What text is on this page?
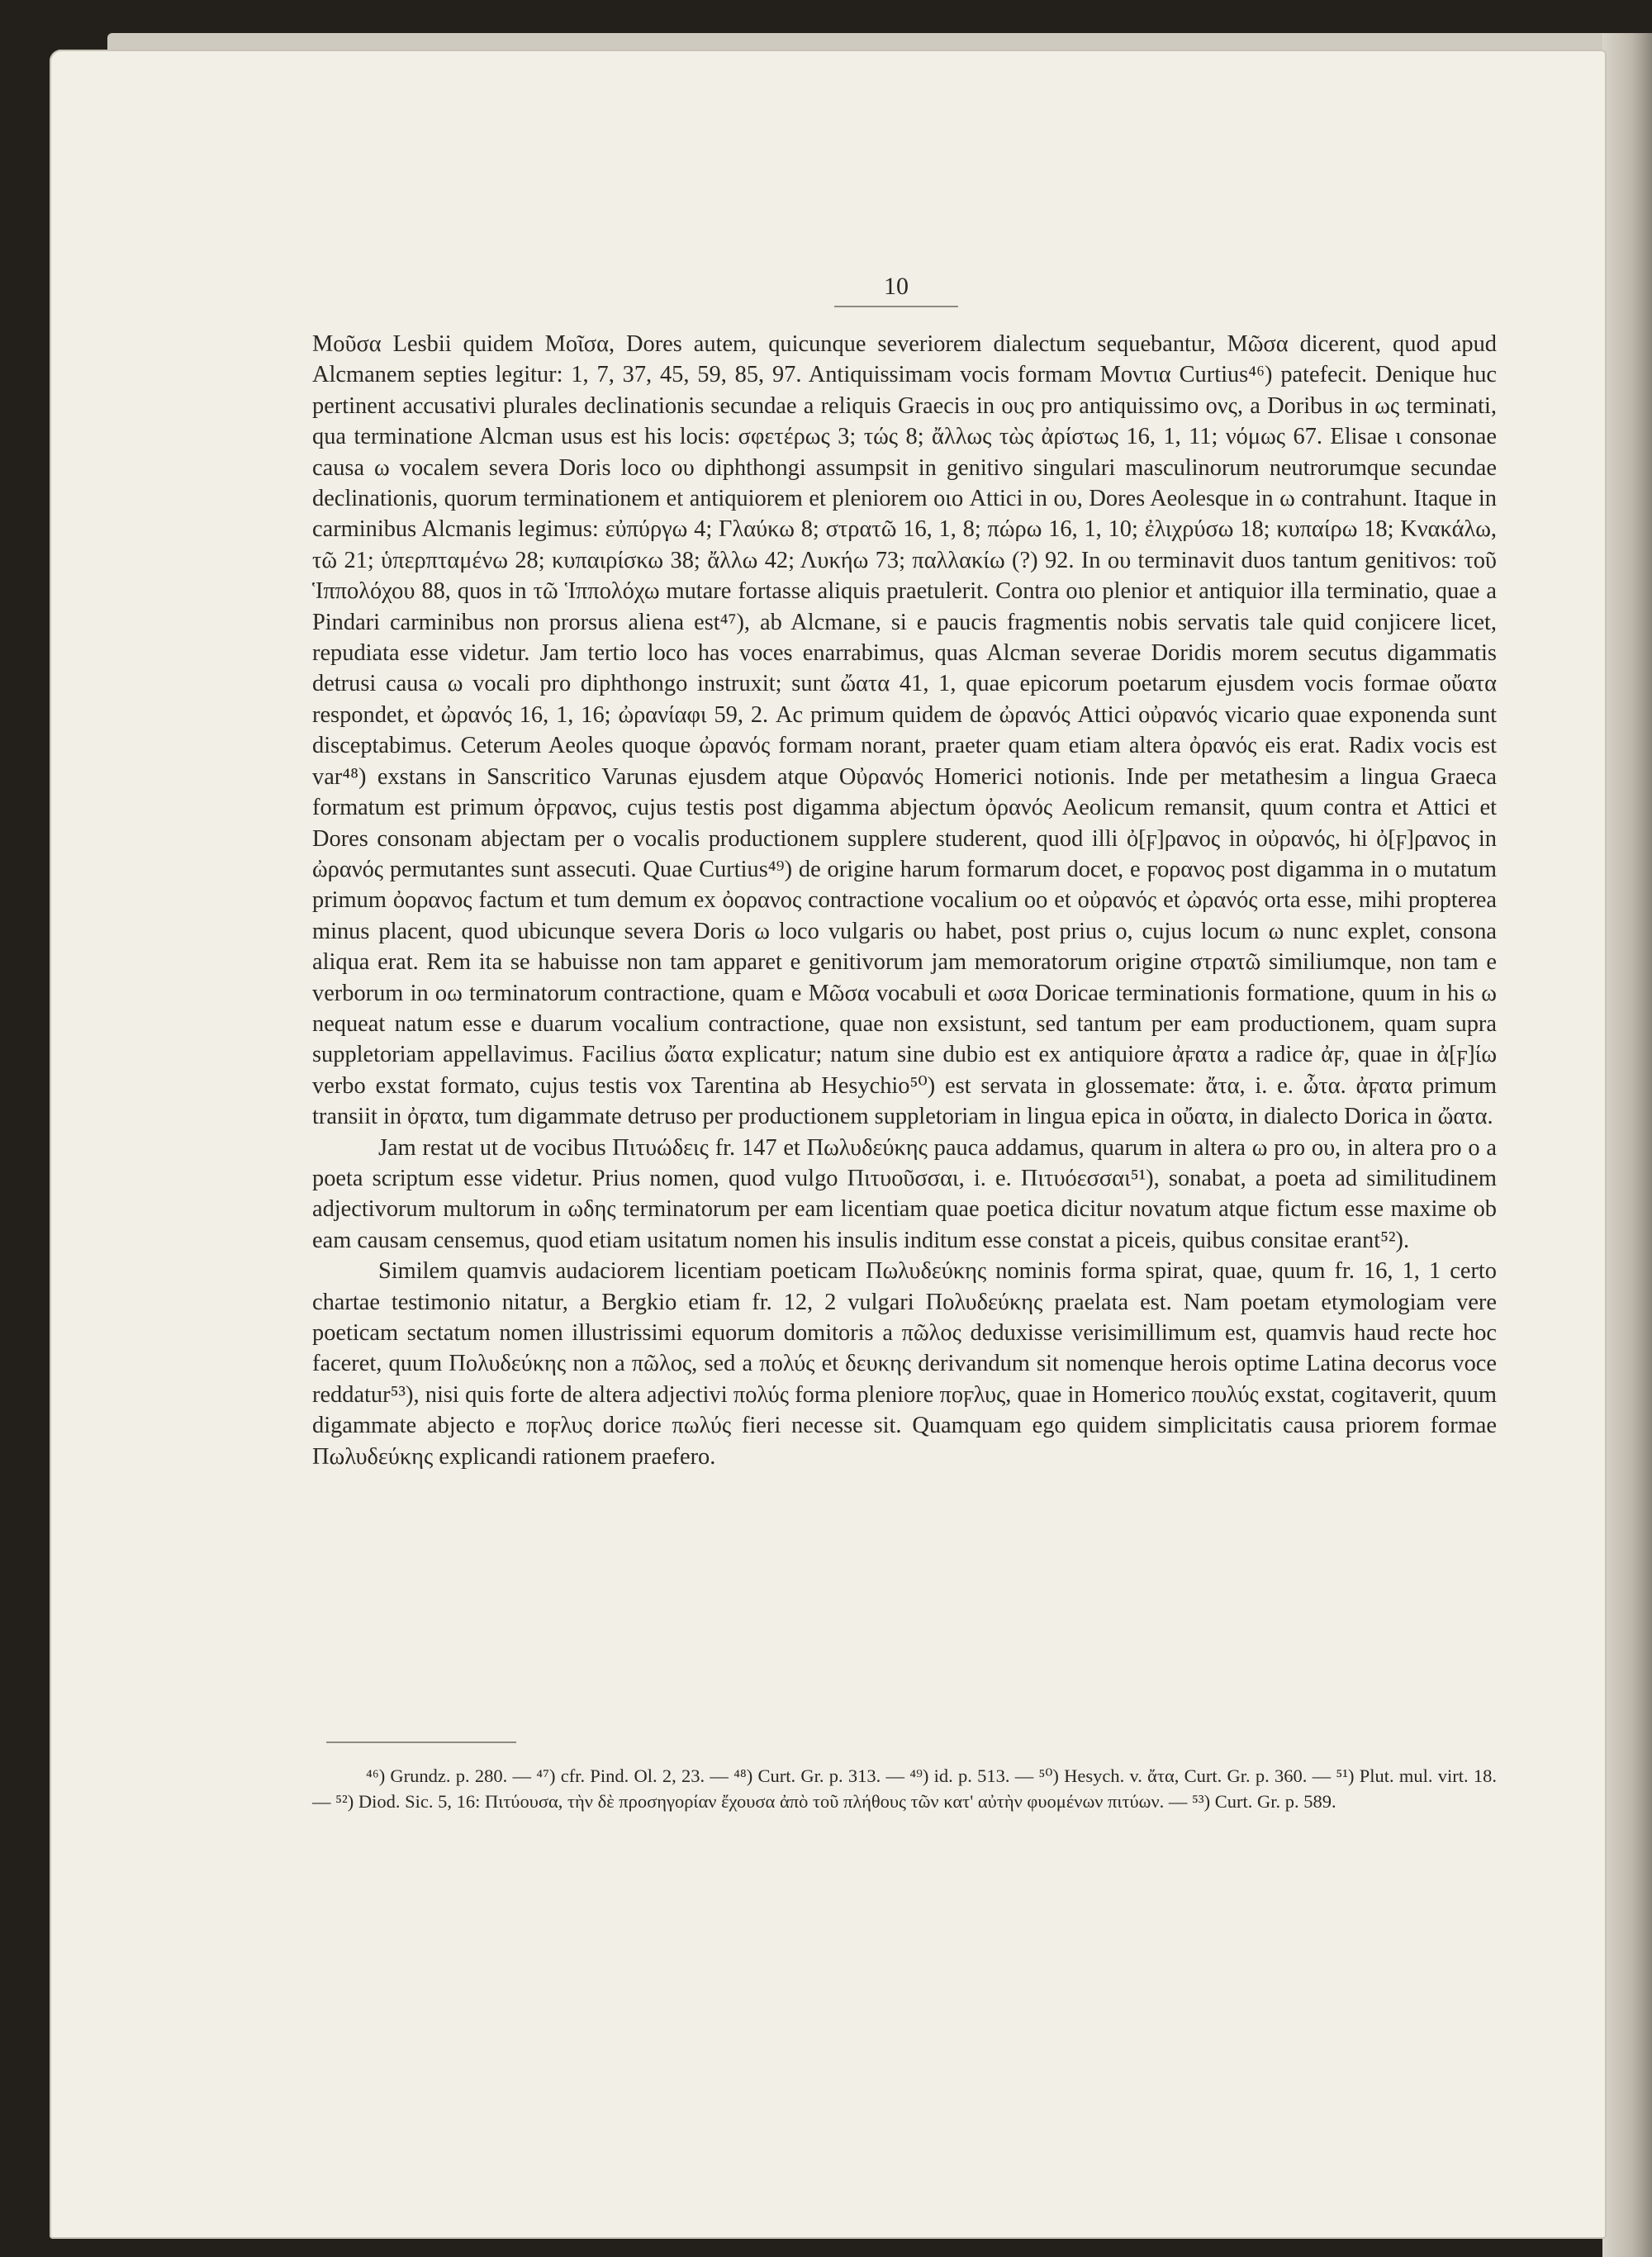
10

Μοῦσα Lesbii quidem Μοῖσα, Dores autem, quicunque severiorem dialectum sequebantur, Μῶσα dicerent, quod apud Alcmanem septies legitur: 1, 7, 37, 45, 59, 85, 97. Antiquissimam vocis formam Μοντια Curtius⁴⁶) patefecit. Denique huc pertinent accusativi plurales declinationis secundae a reliquis Graecis in ους pro antiquissimo ονς, a Doribus in ως terminati, qua terminatione Alcman usus est his locis: σφετέρως 3; τώς 8; ἄλλως τὼς ἀρίστως 16, 1, 11; νόμως 67. Elisae ι consonae causa ω vocalem severa Doris loco ου diphthongi assumpsit in genitivo singulari masculinorum neutrorumque secundae declinationis, quorum terminationem et antiquiorem et pleniorem οιο Attici in ου, Dores Aeolesque in ω contrahunt. Itaque in carminibus Alcmanis legimus: εὐπύργω 4; Γλαύκω 8; στρατῶ 16, 1, 8; πώρω 16, 1, 10; ἐλιχρύσω 18; κυπαίρω 18; Κνακάλω, τῶ 21; ὑπερπταμένω 28; κυπαιρίσκω 38; ἄλλω 42; Λυκήω 73; παλλακίω (?) 92. In ου terminavit duos tantum genitivos: τοῦ Ἱππολόχου 88, quos in τῶ Ἱππολόχω mutare fortasse aliquis praetulerit. Contra οιο plenior et antiquior illa terminatio, quae a Pindari carminibus non prorsus aliena est⁴⁷), ab Alcmane, si e paucis fragmentis nobis servatis tale quid conjicere licet, repudiata esse videtur. Jam tertio loco has voces enarrabimus, quas Alcman severae Doridis morem secutus digammatis detrusi causa ω vocali pro diphthongo instruxit; sunt ὤατα 41, 1, quae epicorum poetarum ejusdem vocis formae οὔατα respondet, et ὠρανός 16, 1, 16; ὠρανίαφι 59, 2. Ac primum quidem de ὠρανός Attici οὐρανός vicario quae exponenda sunt disceptabimus. Ceterum Aeoles quoque ὠρανός formam norant, praeter quam etiam altera ὀρανός eis erat. Radix vocis est var⁴⁸) exstans in Sanscritico Varunas ejusdem atque Οὐρανός Homerici notionis. Inde per metathesim a lingua Graeca formatum est primum ὀϝρανος, cujus testis post digamma abjectum ὀρανός Aeolicum remansit, quum contra et Attici et Dores consonam abjectam per ο vocalis productionem supplere studerent, quod illi ὀ[ϝ]ρανος in οὐρανός, hi ὀ[ϝ]ρανος in ὠρανός permutantes sunt assecuti. Quae Curtius⁴⁹) de origine harum formarum docet, e ϝορανος post digamma in ο mutatum primum ὀορανος factum et tum demum ex ὀορανος contractione vocalium οο et οὐρανός et ὠρανός orta esse, mihi propterea minus placent, quod ubicunque severa Doris ω loco vulgaris ου habet, post prius ο, cujus locum ω nunc explet, consona aliqua erat. Rem ita se habuisse non tam apparet e genitivorum jam memoratorum origine στρατῶ similiumque, non tam e verborum in οω terminatorum contractione, quam e Μῶσα vocabuli et ωσα Doricae terminationis formatione, quum in his ω nequeat natum esse e duarum vocalium contractione, quae non exsistunt, sed tantum per eam productionem, quam supra suppletoriam appellavimus. Facilius ὤατα explicatur; natum sine dubio est ex antiquiore ἀϝατα a radice ἀϝ, quae in ἀ[ϝ]ίω verbo exstat formato, cujus testis vox Tarentina ab Hesychio⁵⁰) est servata in glossemate: ἄτα, i. e. ὦτα. ἀϝατα primum transiit in ὀϝατα, tum digammate detruso per productionem suppletoriam in lingua epica in οὔατα, in dialecto Dorica in ὤατα.

Jam restat ut de vocibus Πιτυώδεις fr. 147 et Πωλυδεύκης pauca addamus, quarum in altera ω pro ου, in altera pro ο a poeta scriptum esse videtur. Prius nomen, quod vulgo Πιτυοῦσσαι, i. e. Πιτυόεσσαι⁵¹), sonabat, a poeta ad similitudinem adjectivorum multorum in ωδης terminatorum per eam licentiam quae poetica dicitur novatum atque fictum esse maxime ob eam causam censemus, quod etiam usitatum nomen his insulis inditum esse constat a piceis, quibus consitae erant⁵²).

Similem quamvis audaciorem licentiam poeticam Πωλυδεύκης nominis forma spirat, quae, quum fr. 16, 1, 1 certo chartae testimonio nitatur, a Bergkio etiam fr. 12, 2 vulgari Πολυδεύκης praelata est. Nam poetam etymologiam vere poeticam sectatum nomen illustrissimi equorum domitoris a πῶλος deduxisse verisimillimum est, quamvis haud recte hoc faceret, quum Πολυδεύκης non a πῶλος, sed a πολύς et δευκης derivandum sit nomenque herois optime Latina decorus voce reddatur⁵³), nisi quis forte de altera adjectivi πολύς forma pleniore ποϝλυς, quae in Homerico πουλύς exstat, cogitaverit, quum digammate abjecto e ποϝλυς dorice πωλύς fieri necesse sit. Quamquam ego quidem simplicitatis causa priorem formae Πωλυδεύκης explicandi rationem praefero.

⁴⁶) Grundz. p. 280. — ⁴⁷) cfr. Pind. Ol. 2, 23. — ⁴⁸) Curt. Gr. p. 313. — ⁴⁹) id. p. 513. — ⁵⁰) Hesych. v. ἄτα, Curt. Gr. p. 360. — ⁵¹) Plut. mul. virt. 18. — ⁵²) Diod. Sic. 5, 16: Πιτύουσα, τὴν δὲ προσηγορίαν ἔχουσα ἀπὸ τοῦ πλήθους τῶν κατ' αὐτὴν φυομένων πιτύων. — ⁵³) Curt. Gr. p. 589.
